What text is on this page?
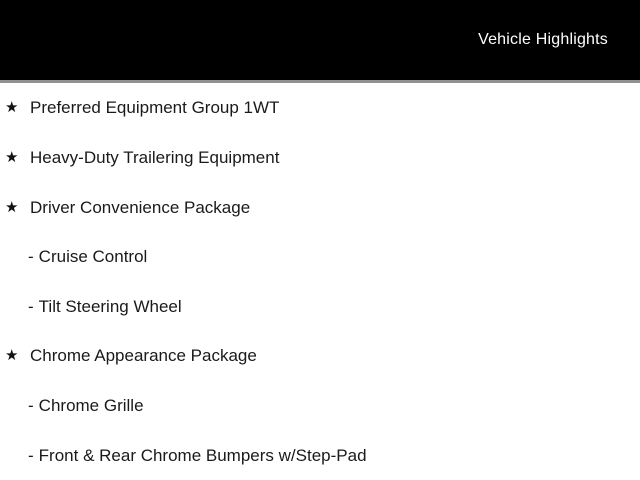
Vehicle Highlights
★ Preferred Equipment Group 1WT
★ Heavy-Duty Trailering Equipment
★ Driver Convenience Package
- Cruise Control
- Tilt Steering Wheel
★ Chrome Appearance Package
- Chrome Grille
- Front & Rear Chrome Bumpers w/Step-Pad
